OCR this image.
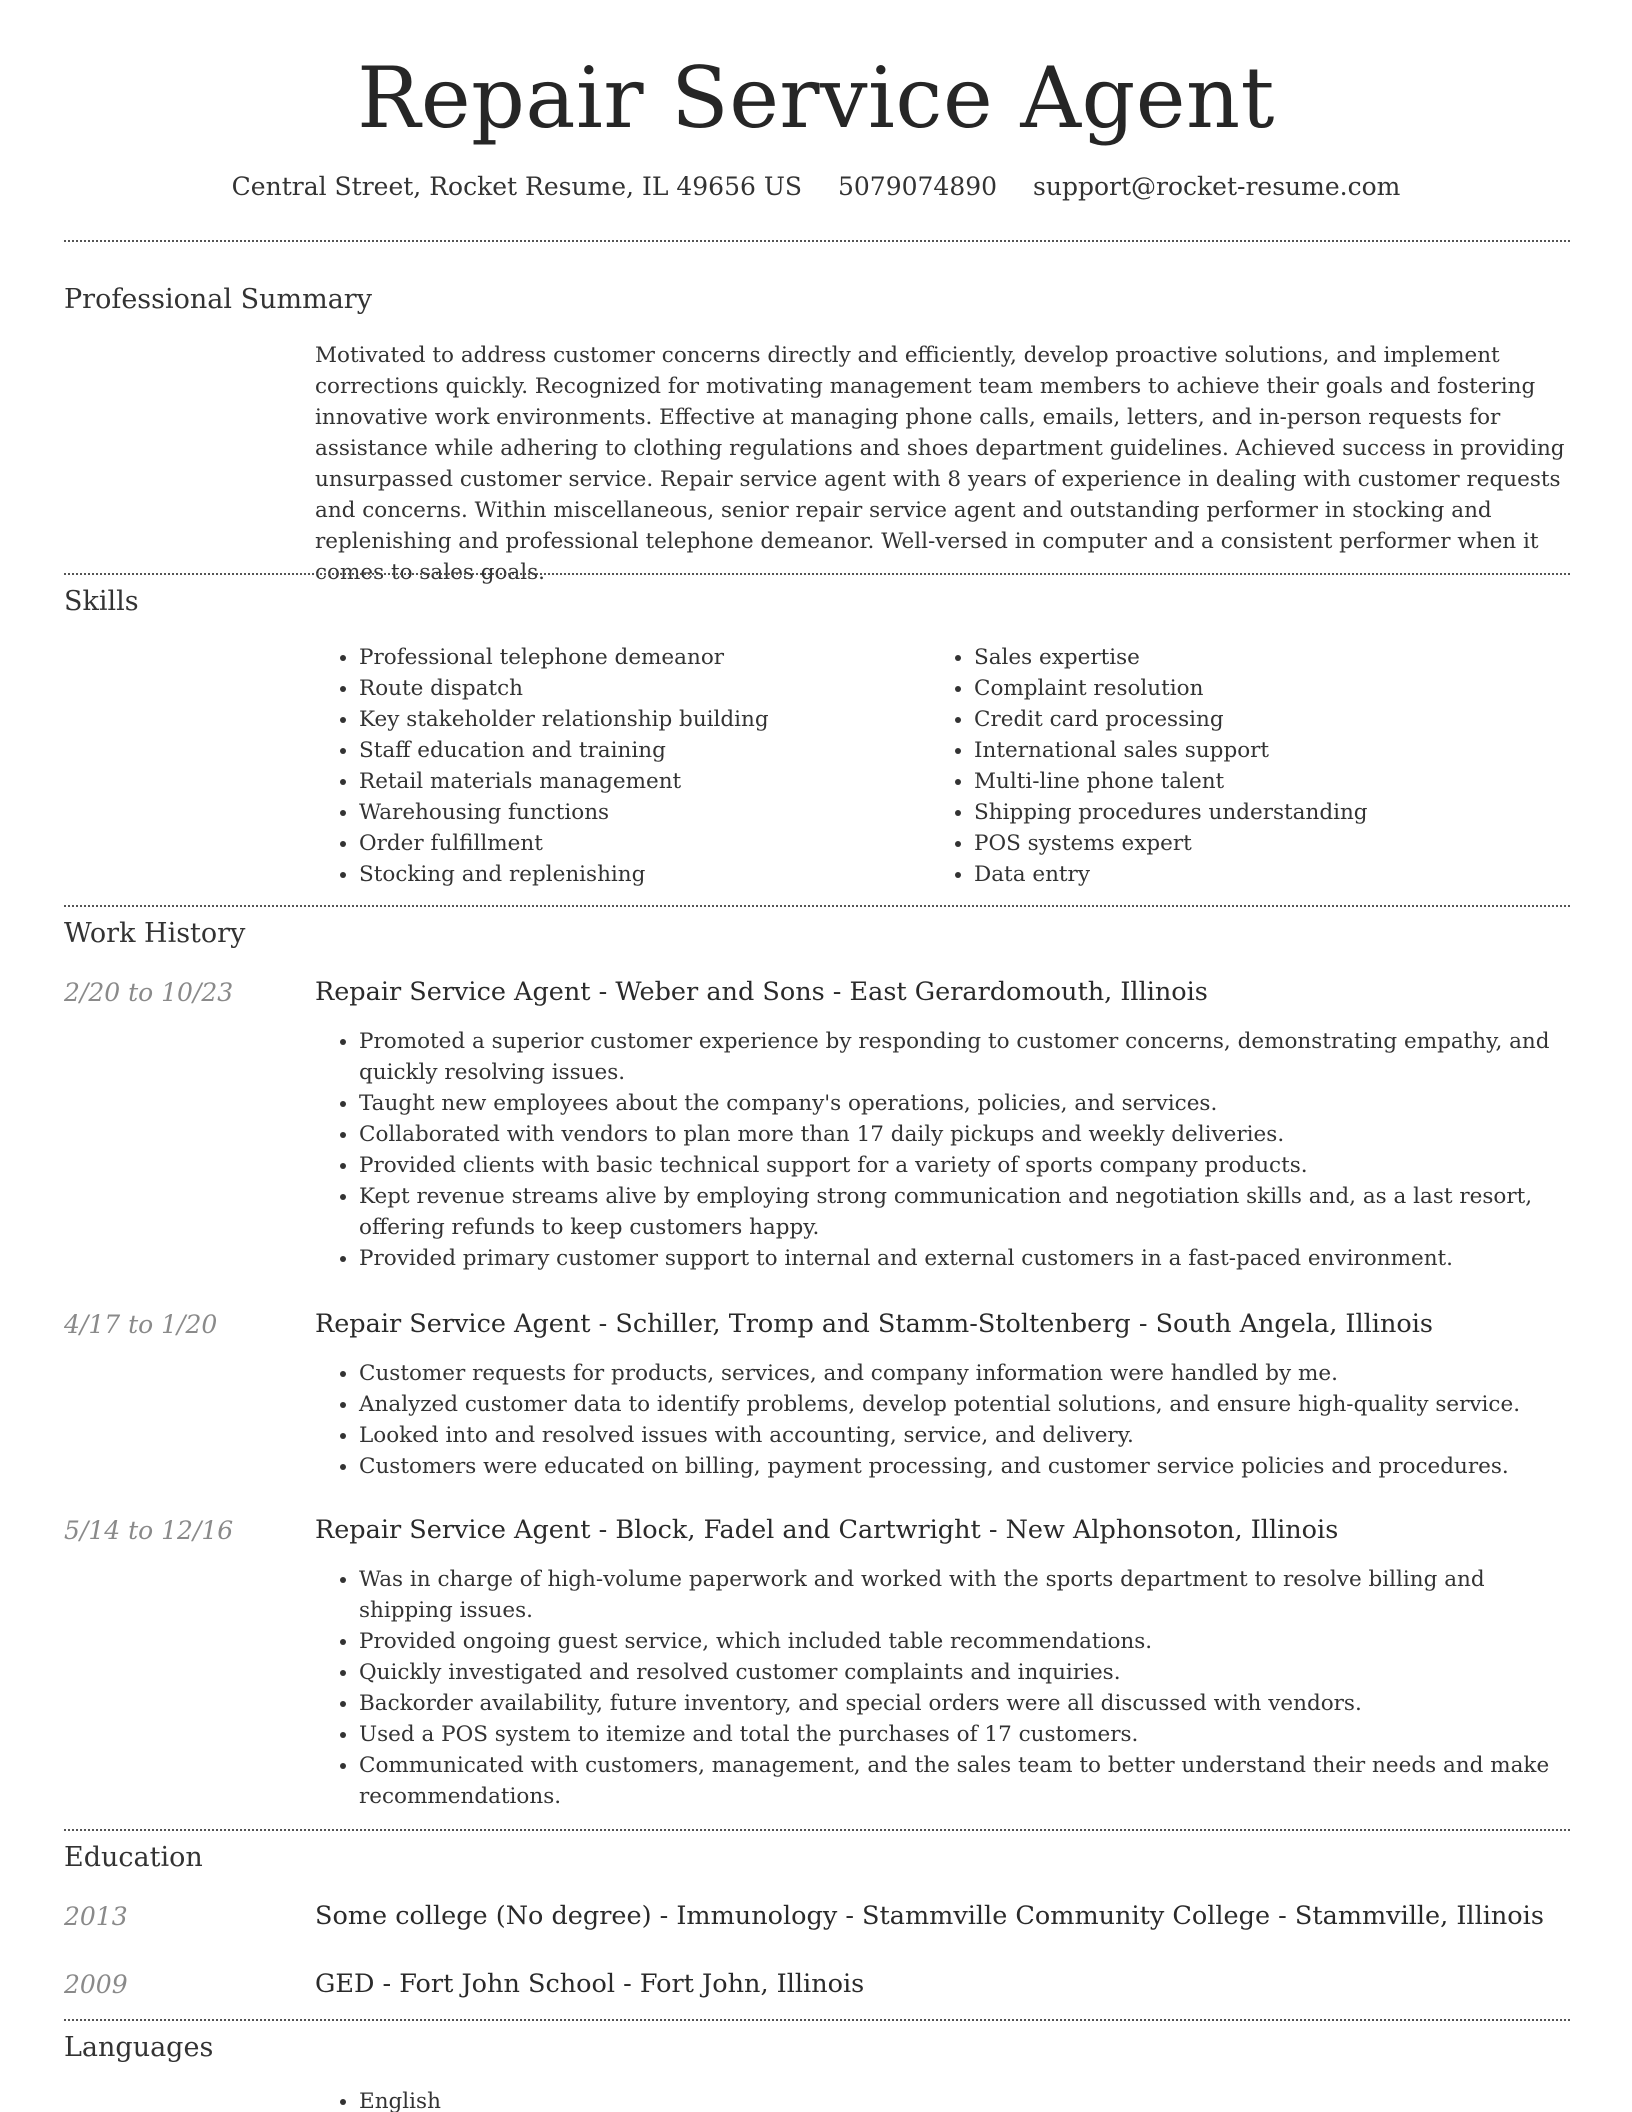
Repair Service Agent
Central Street, Rocket Resume, IL 49656 US 5079074890 support@rocket-resume.com
Professional Summary

Motivated to address customer concerns directly and efficiently, develop proactive solutions, and implement corrections quickly. Recognized for motivating management team members to achieve their goals and fostering innovative work environments. Effective at managing phone calls, emails, letters, and in-person requests for assistance while adhering to clothing regulations and shoes department guidelines. Achieved success in providing unsurpassed customer service. Repair service agent with 8 years of experience in dealing with customer requests and concerns. Within miscellaneous, senior repair service agent and outstanding performer in stocking and replenishing and professional telephone demeanor. Well-versed in computer and a consistent performer when it comes to sales goals.

Skills
• Professional telephone demeanor
• Route dispatch
• Key stakeholder relationship building
• Staff education and training
• Retail materials management
• Warehousing functions
• Order fulfillment
• Stocking and replenishing
• Sales expertise
• Complaint resolution
• Credit card processing
• International sales support
• Multi-line phone talent
• Shipping procedures understanding
• POS systems expert
• Data entry
Work History
2/20 to 10/23	Repair Service Agent - Weber and Sons - East Gerardomouth, Illinois
• Promoted a superior customer experience by responding to customer concerns, demonstrating empathy, and quickly resolving issues.
• Taught new employees about the company's operations, policies, and services.
• Collaborated with vendors to plan more than 17 daily pickups and weekly deliveries.
• Provided clients with basic technical support for a variety of sports company products.
• Kept revenue streams alive by employing strong communication and negotiation skills and, as a last resort, offering refunds to keep customers happy.
• Provided primary customer support to internal and external customers in a fast-paced environment.
4/17 to 1/20	Repair Service Agent - Schiller, Tromp and Stamm-Stoltenberg - South Angela, Illinois
• Customer requests for products, services, and company information were handled by me.
• Analyzed customer data to identify problems, develop potential solutions, and ensure high-quality service.
• Looked into and resolved issues with accounting, service, and delivery.
• Customers were educated on billing, payment processing, and customer service policies and procedures.
5/14 to 12/16	Repair Service Agent - Block, Fadel and Cartwright - New Alphonsoton, Illinois
• Was in charge of high-volume paperwork and worked with the sports department to resolve billing and shipping issues.
• Provided ongoing guest service, which included table recommendations.
• Quickly investigated and resolved customer complaints and inquiries.
• Backorder availability, future inventory, and special orders were all discussed with vendors.
• Used a POS system to itemize and total the purchases of 17 customers.
• Communicated with customers, management, and the sales team to better understand their needs and make recommendations.
Education
2013	Some college (No degree) - Immunology - Stammville Community College - Stammville, Illinois
2009	GED - Fort John School - Fort John, Illinois
Languages
• English
